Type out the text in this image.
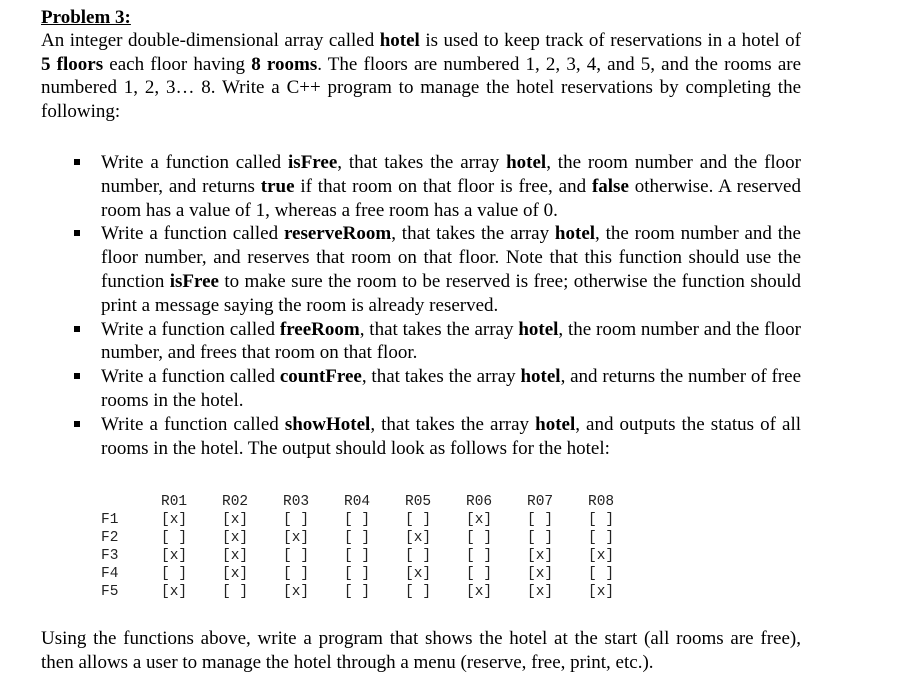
Problem 3:

An integer double-dimensional array called hotel is used to keep track of reservations in a hotel of 5 floors each floor having 8 rooms. The floors are numbered 1, 2, 3, 4, and 5, and the rooms are numbered 1, 2, 3… 8. Write a C++ program to manage the hotel reservations by completing the following:

Write a function called isFree, that takes the array hotel, the room number and the floor number, and returns true if that room on that floor is free, and false otherwise. A reserved room has a value of 1, whereas a free room has a value of 0.
Write a function called reserveRoom, that takes the array hotel, the room number and the floor number, and reserves that room on that floor. Note that this function should use the function isFree to make sure the room to be reserved is free; otherwise the function should print a message saying the room is already reserved.
Write a function called freeRoom, that takes the array hotel, the room number and the floor number, and frees that room on that floor.
Write a function called countFree, that takes the array hotel, and returns the number of free rooms in the hotel.
Write a function called showHotel, that takes the array hotel, and outputs the status of all rooms in the hotel. The output should look as follows for the hotel:
	R01	R02	R03	R04	R05	R06	R07	R08
F1	[x]	[x]	[ ]	[ ]	[ ]	[x]	[ ]	[ ]
F2	[ ]	[x]	[x]	[ ]	[x]	[ ]	[ ]	[ ]
F3	[x]	[x]	[ ]	[ ]	[ ]	[ ]	[x]	[x]
F4	[ ]	[x]	[ ]	[ ]	[x]	[ ]	[x]	[ ]
F5	[x]	[ ]	[x]	[ ]	[ ]	[x]	[x]	[x]

Using the functions above, write a program that shows the hotel at the start (all rooms are free), then allows a user to manage the hotel through a menu (reserve, free, print, etc.).
